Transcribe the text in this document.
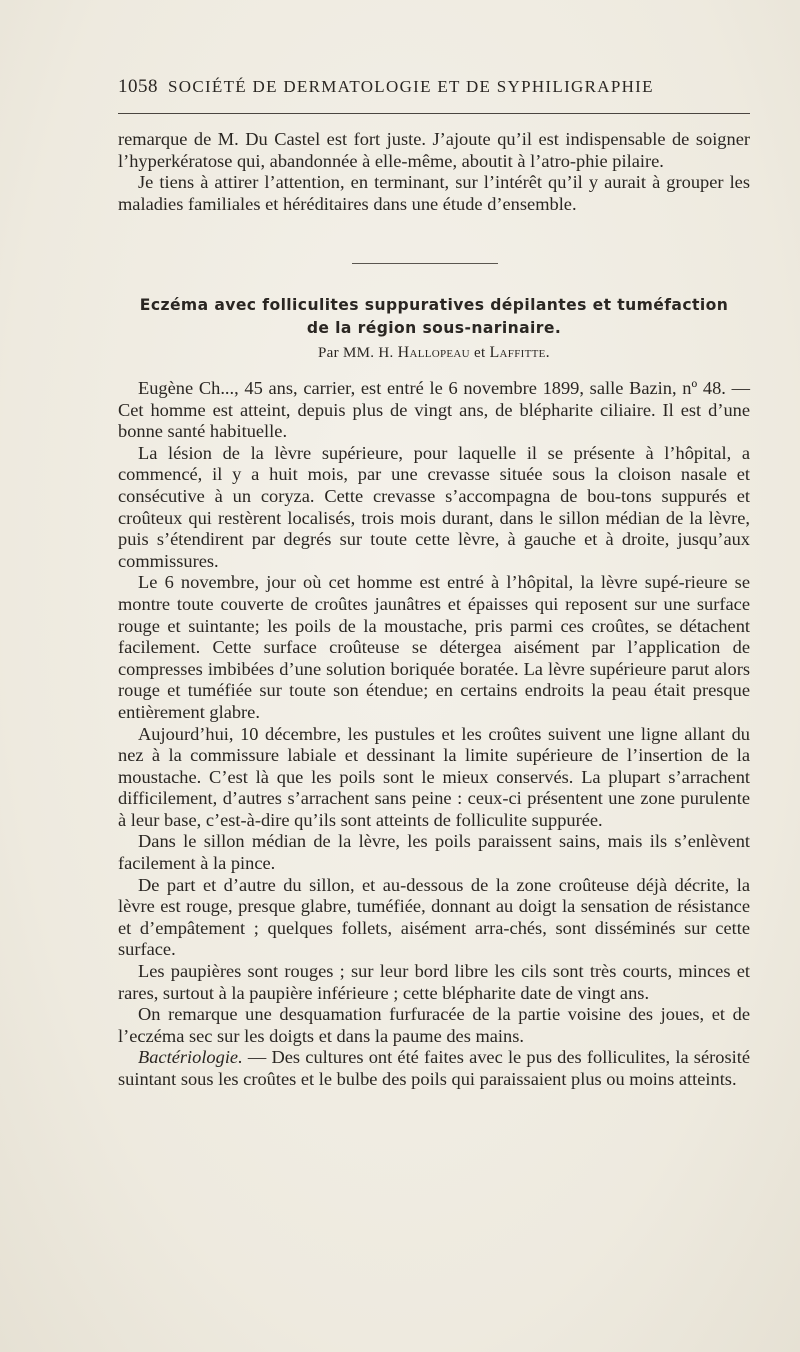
1058 SOCIÉTÉ DE DERMATOLOGIE ET DE SYPHILIGRAPHIE

remarque de M. Du Castel est fort juste. J’ajoute qu’il est indispensable de soigner l’hyperkératose qui, abandonnée à elle-même, aboutit à l’atro-phie pilaire.

Je tiens à attirer l’attention, en terminant, sur l’intérêt qu’il y aurait à grouper les maladies familiales et héréditaires dans une étude d’ensemble.

Eczéma avec folliculites suppuratives dépilantes et tuméfaction
de la région sous-narinaire.
Par MM. H. Hallopeau et Laffitte.

Eugène Ch..., 45 ans, carrier, est entré le 6 novembre 1899, salle Bazin, nº 48. — Cet homme est atteint, depuis plus de vingt ans, de blépharite ciliaire. Il est d’une bonne santé habituelle.

La lésion de la lèvre supérieure, pour laquelle il se présente à l’hôpital, a commencé, il y a huit mois, par une crevasse située sous la cloison nasale et consécutive à un coryza. Cette crevasse s’accompagna de bou-tons suppurés et croûteux qui restèrent localisés, trois mois durant, dans le sillon médian de la lèvre, puis s’étendirent par degrés sur toute cette lèvre, à gauche et à droite, jusqu’aux commissures.

Le 6 novembre, jour où cet homme est entré à l’hôpital, la lèvre supé-rieure se montre toute couverte de croûtes jaunâtres et épaisses qui reposent sur une surface rouge et suintante; les poils de la moustache, pris parmi ces croûtes, se détachent facilement. Cette surface croûteuse se détergea aisément par l’application de compresses imbibées d’une solution boriquée boratée. La lèvre supérieure parut alors rouge et tuméfiée sur toute son étendue; en certains endroits la peau était presque entièrement glabre.

Aujourd’hui, 10 décembre, les pustules et les croûtes suivent une ligne allant du nez à la commissure labiale et dessinant la limite supérieure de l’insertion de la moustache. C’est là que les poils sont le mieux conservés. La plupart s’arrachent difficilement, d’autres s’arrachent sans peine : ceux-ci présentent une zone purulente à leur base, c’est-à-dire qu’ils sont atteints de folliculite suppurée.

Dans le sillon médian de la lèvre, les poils paraissent sains, mais ils s’enlèvent facilement à la pince.

De part et d’autre du sillon, et au-dessous de la zone croûteuse déjà décrite, la lèvre est rouge, presque glabre, tuméfiée, donnant au doigt la sensation de résistance et d’empâtement ; quelques follets, aisément arra-chés, sont disséminés sur cette surface.

Les paupières sont rouges ; sur leur bord libre les cils sont très courts, minces et rares, surtout à la paupière inférieure ; cette blépharite date de vingt ans.

On remarque une desquamation furfuracée de la partie voisine des joues, et de l’eczéma sec sur les doigts et dans la paume des mains.

Bactériologie. — Des cultures ont été faites avec le pus des folliculites, la sérosité suintant sous les croûtes et le bulbe des poils qui paraissaient plus ou moins atteints.
